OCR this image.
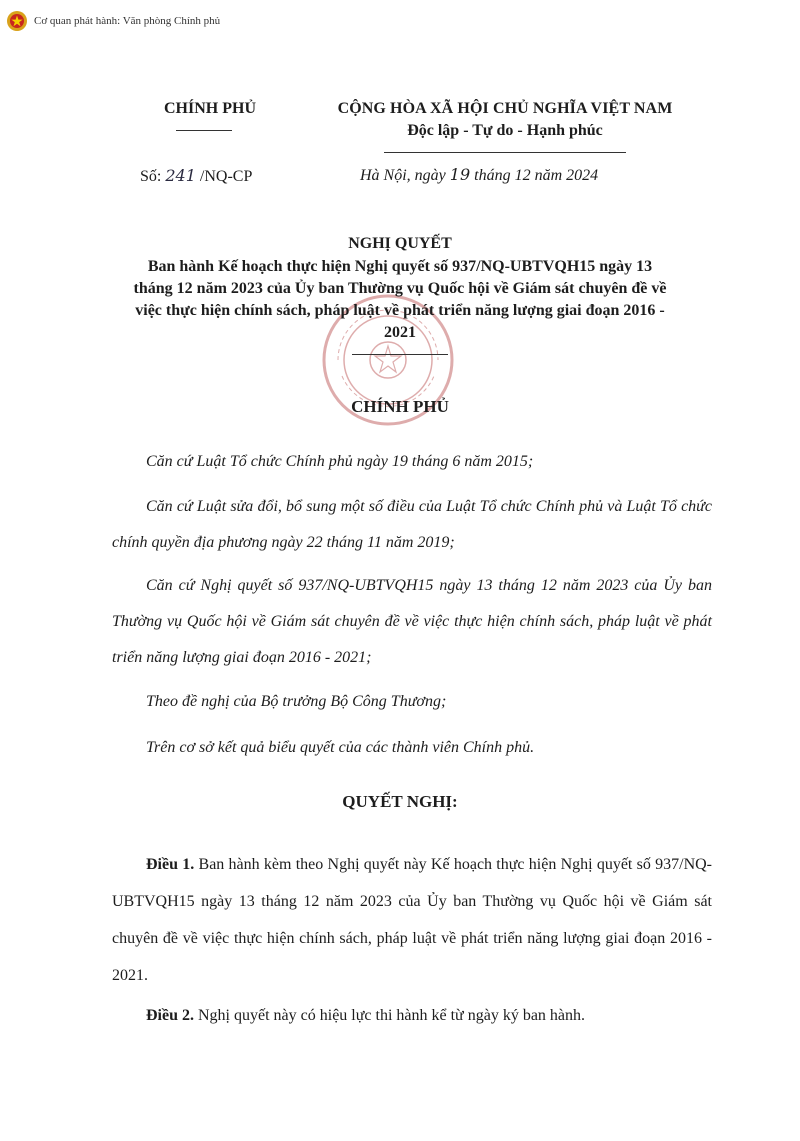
Cơ quan phát hành: Văn phòng Chính phủ
CHÍNH PHỦ	CỘNG HÒA XÃ HỘI CHỦ NGHĨA VIỆT NAM
Độc lập - Tự do - Hạnh phúc
Số: 241 /NQ-CP	Hà Nội, ngày 19 tháng 12 năm 2024
NGHỊ QUYẾT
Ban hành Kế hoạch thực hiện Nghị quyết số 937/NQ-UBTVQH15 ngày 13 tháng 12 năm 2023 của Ủy ban Thường vụ Quốc hội về Giám sát chuyên đề về việc thực hiện chính sách, pháp luật về phát triển năng lượng giai đoạn 2016 - 2021
CHÍNH PHỦ

Căn cứ Luật Tổ chức Chính phủ ngày 19 tháng 6 năm 2015;

Căn cứ Luật sửa đổi, bổ sung một số điều của Luật Tổ chức Chính phủ và Luật Tổ chức chính quyền địa phương ngày 22 tháng 11 năm 2019;

Căn cứ Nghị quyết số 937/NQ-UBTVQH15 ngày 13 tháng 12 năm 2023 của Ủy ban Thường vụ Quốc hội về Giám sát chuyên đề về việc thực hiện chính sách, pháp luật về phát triển năng lượng giai đoạn 2016 - 2021;

Theo đề nghị của Bộ trưởng Bộ Công Thương;

Trên cơ sở kết quả biểu quyết của các thành viên Chính phủ.

QUYẾT NGHỊ:

Điều 1. Ban hành kèm theo Nghị quyết này Kế hoạch thực hiện Nghị quyết số 937/NQ-UBTVQH15 ngày 13 tháng 12 năm 2023 của Ủy ban Thường vụ Quốc hội về Giám sát chuyên đề về việc thực hiện chính sách, pháp luật về phát triển năng lượng giai đoạn 2016 - 2021.

Điều 2. Nghị quyết này có hiệu lực thi hành kể từ ngày ký ban hành.
